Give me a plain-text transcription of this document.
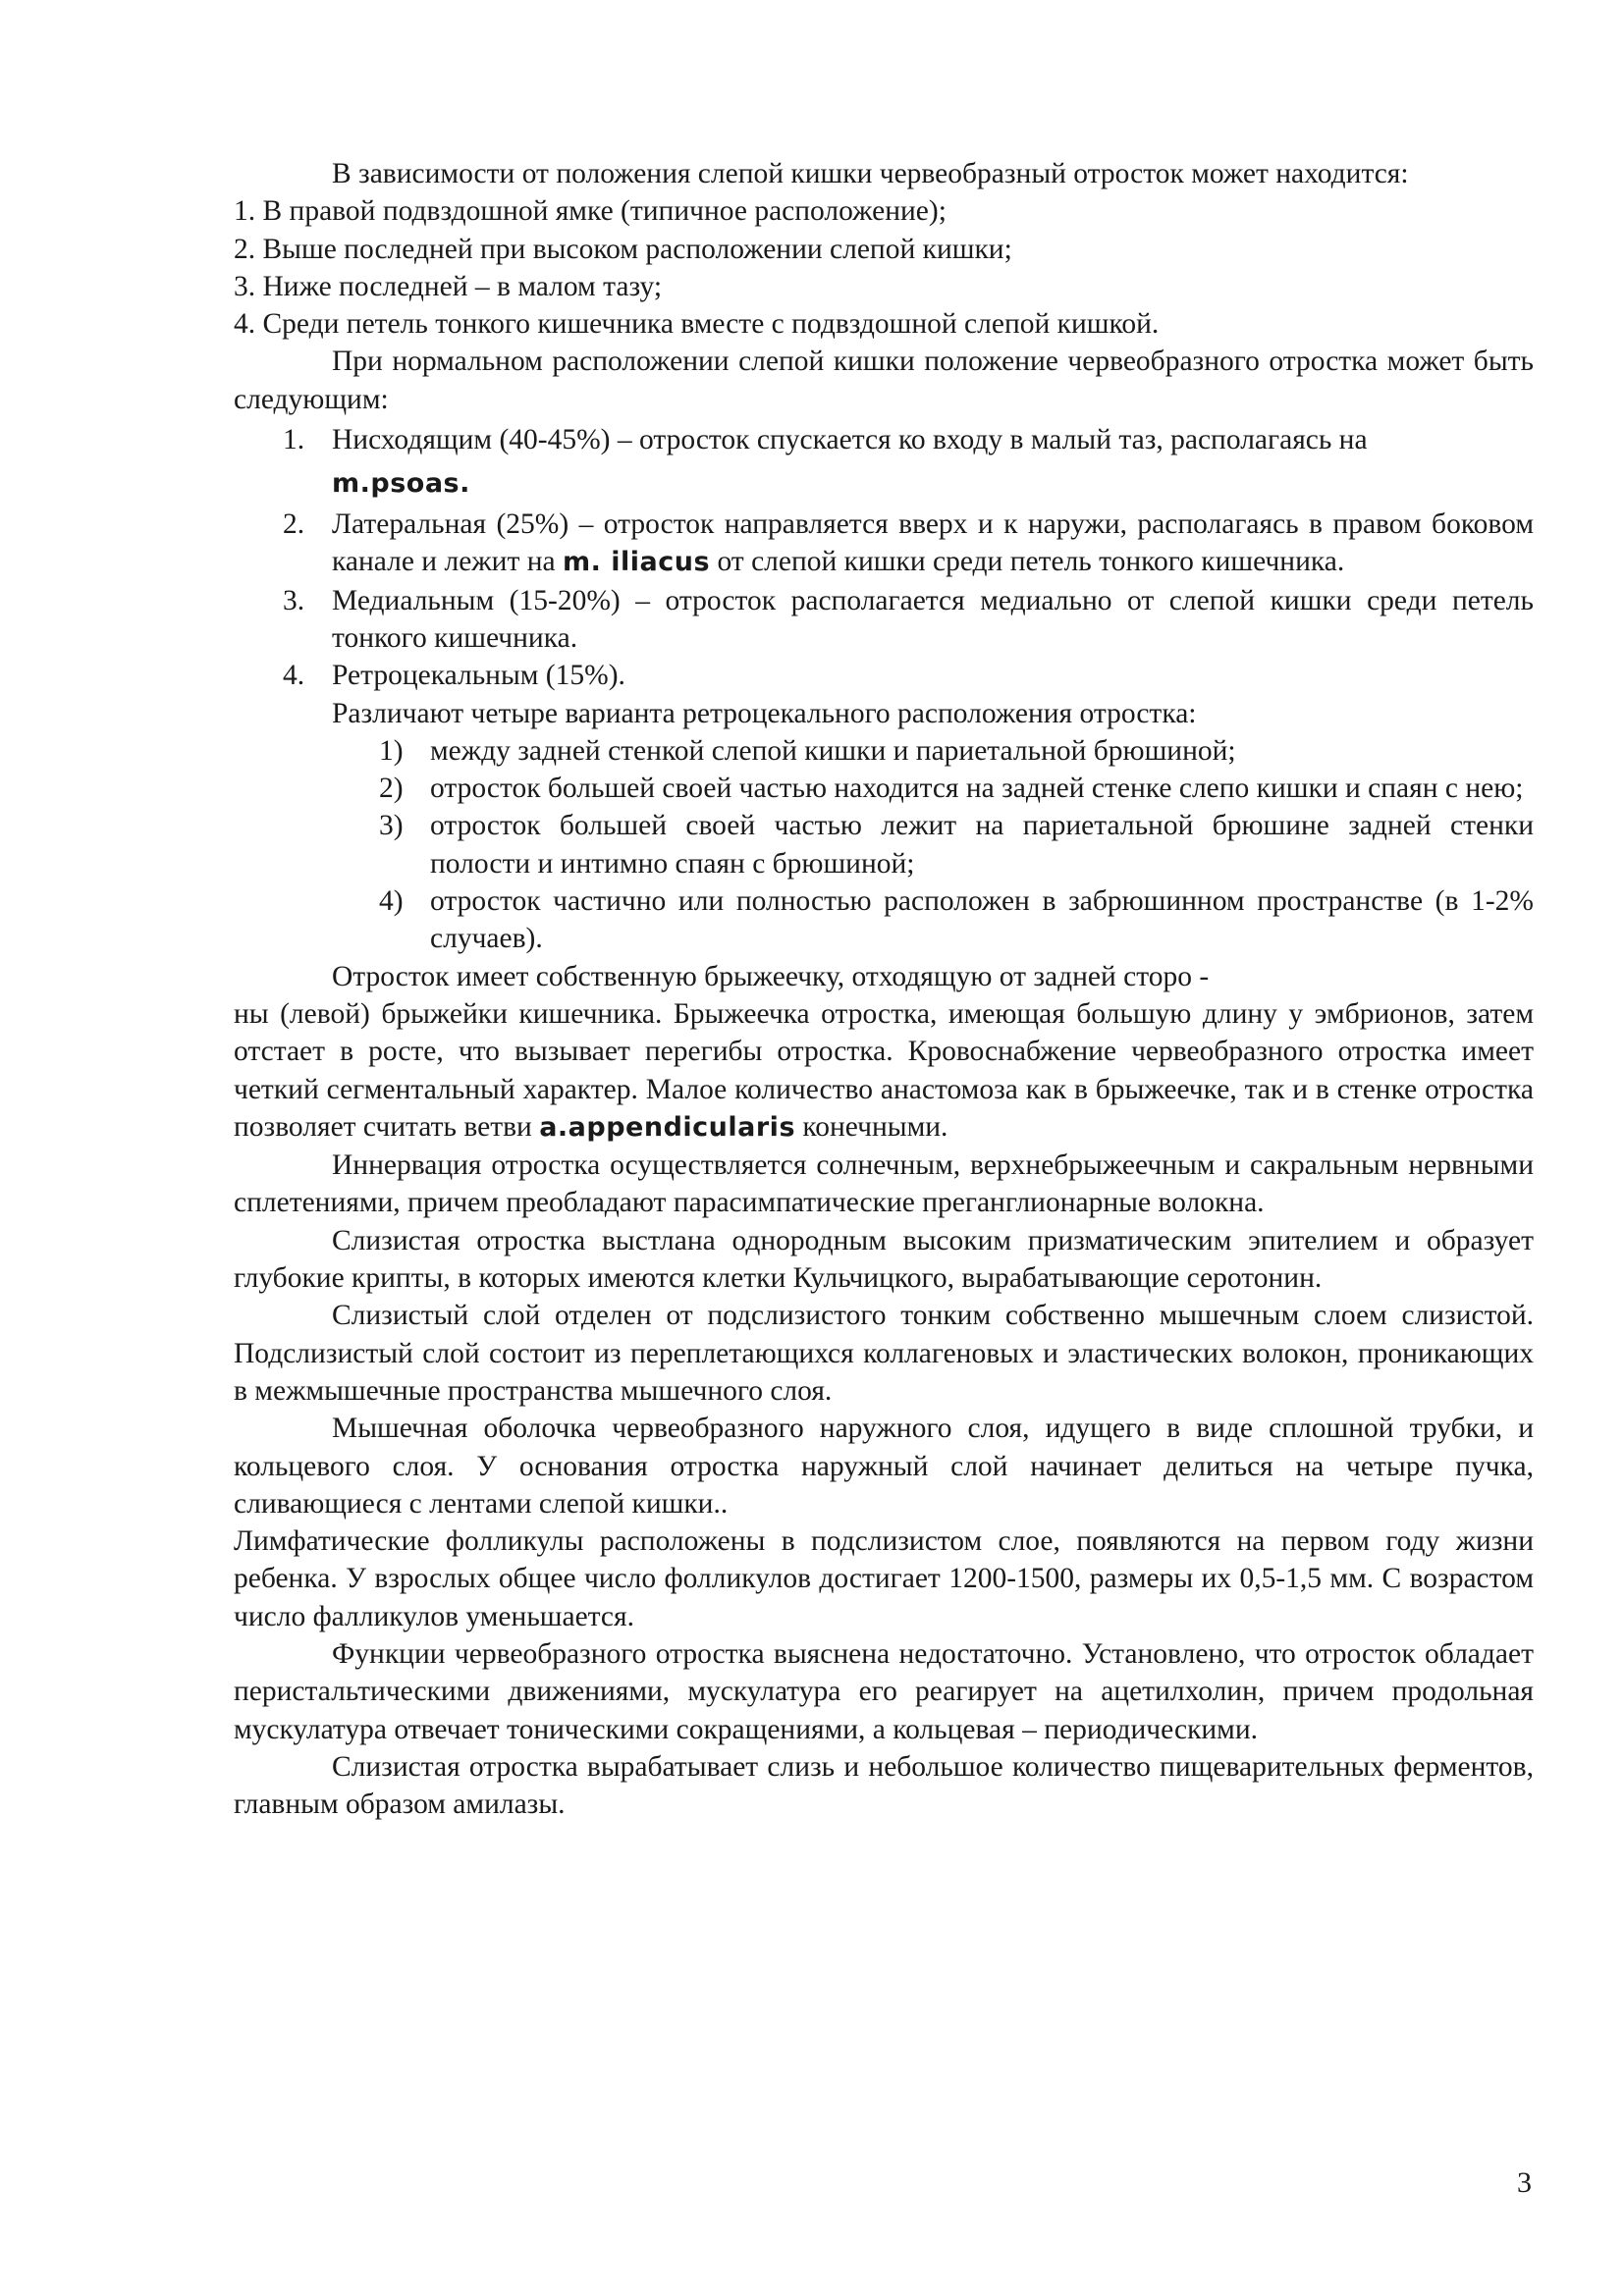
В зависимости от положения слепой кишки червеобразный отросток может находится:

1. В правой подвздошной ямке (типичное расположение);

2. Выше последней при высоком расположении слепой кишки;

3. Ниже последней – в малом тазу;

4. Среди петель тонкого кишечника вместе с подвздошной слепой кишкой.

При нормальном расположении слепой кишки положение червеобразного отростка может быть следующим:

1. Нисходящим (40-45%) – отросток спускается ко входу в малый таз, располагаясь на
m.psoas.
2. Латеральная (25%) – отросток направляется вверх и к наружи, располагаясь в правом боковом канале и лежит на m. iliacus от слепой кишки среди петель тонкого кишечника.
3. Медиальным (15-20%) – отросток располагается медиально от слепой кишки среди петель тонкого кишечника.
4. Ретроцекальным (15%).

Различают четыре варианта ретроцекального расположения отростка:

1) между задней стенкой слепой кишки и париетальной брюшиной;
2) отросток большей своей частью находится на задней стенке слепо кишки и спаян с нею;
3) отросток большей своей частью лежит на париетальной брюшине задней стенки полости и интимно спаян с брюшиной;
4) отросток частично или полностью расположен в забрюшинном пространстве (в 1-2% случаев).

Отросток имеет собственную брыжеечку, отходящую от задней сторо -

ны (левой) брыжейки кишечника. Брыжеечка отростка, имеющая большую длину у эмбрионов, затем отстает в росте, что вызывает перегибы отростка. Кровоснабжение червеобразного отростка имеет четкий сегментальный характер. Малое количество анастомоза как в брыжеечке, так и в стенке отростка позволяет считать ветви a.appendicularis конечными.

Иннервация отростка осуществляется солнечным, верхнебрыжеечным и сакральным нервными сплетениями, причем преобладают парасимпатические преганглионарные волокна.

Слизистая отростка выстлана однородным высоким призматическим эпителием и образует глубокие крипты, в которых имеются клетки Кульчицкого, вырабатывающие серотонин.

Слизистый слой отделен от подслизистого тонким собственно мышечным слоем слизистой. Подслизистый слой состоит из переплетающихся коллагеновых и эластических волокон, проникающих в межмышечные пространства мышечного слоя.

Мышечная оболочка червеобразного наружного слоя, идущего в виде сплошной трубки, и кольцевого слоя. У основания отростка наружный слой начинает делиться на четыре пучка, сливающиеся с лентами слепой кишки..

Лимфатические фолликулы расположены в подслизистом слое, появляются на первом году жизни ребенка. У взрослых общее число фолликулов достигает 1200-1500, размеры их 0,5-1,5 мм. С возрастом число фалликулов уменьшается.

Функции червеобразного отростка выяснена недостаточно. Установлено, что отросток обладает перистальтическими движениями, мускулатура его реагирует на ацетилхолин, причем продольная мускулатура отвечает тоническими сокращениями, а кольцевая – периодическими.

Слизистая отростка вырабатывает слизь и небольшое количество пищеварительных ферментов, главным образом амилазы.

3
